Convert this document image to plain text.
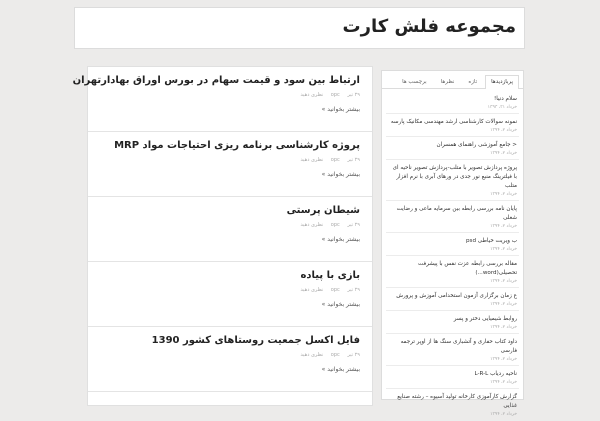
مجموعه فلش کارت
ارتباط بین سود و قیمت سهام در بورس اوراق بهادارتهران
۲۹ تیر opc نظری دهید
بیشتر بخوانید »
پروژه کارشناسی برنامه ریزی احتیاجات مواد MRP
۲۹ تیر opc نظری دهید
بیشتر بخوانید »
شیطان پرستی
۲۹ تیر opc نظری دهید
بیشتر بخوانید »
بازی با پیاده
۲۹ تیر opc نظری دهید
بیشتر بخوانید »
فایل اکسل جمعیت روستاهای کشور 1390
۲۹ تیر opc نظری دهید
بیشتر بخوانید »
پربازدیدها
تازه
نظرها
برچسب ها
سلام دنیا!
خرداد ۳۱، ۱۳۹۳
نمونه سوالات کارشناسی ارشد مهندسی مکانیک پارسه
خرداد ۲، ۱۳۹۴
< جامع آموزشی راهنمای همسران
خرداد ۲، ۱۳۹۴
پروژه پردازش تصویر با متلب-پردازش تصویر ناحیه ای با فیلترینگ منبع نور جدی در ورهای آبری با نرم افزار متلب
خرداد ۲، ۱۳۹۴
پایان نامه بررسی رابطه بین سرمایه ماعی و رضایت شغلی
خرداد ۲، ۱۳۹۴
ب ویریت خیاطی psd
خرداد ۲، ۱۳۹۴
مقاله بررسی رابطه عزت نفس با پیشرفت تحصیلی(word...)
خرداد ۲، ۱۳۹۴
ع زمان برگزاری آزمون استخدامی آموزش و پرورش
خرداد ۲، ۱۳۹۴
روابط شیمیایی دختر و پسر
خرداد ۲، ۱۳۹۴
داود کتاب حفاری و آتشباری سنگ ها از اوپر ترجمه فارسی
خرداد ۲، ۱۳۹۴
ناحیه ردیاب L-R-L
خرداد ۲، ۱۳۹۴
گزارش کارآموزی کارخانه تولید آسیوه – رشته صنایع غذایی
خرداد ۲، ۱۳۹۴
